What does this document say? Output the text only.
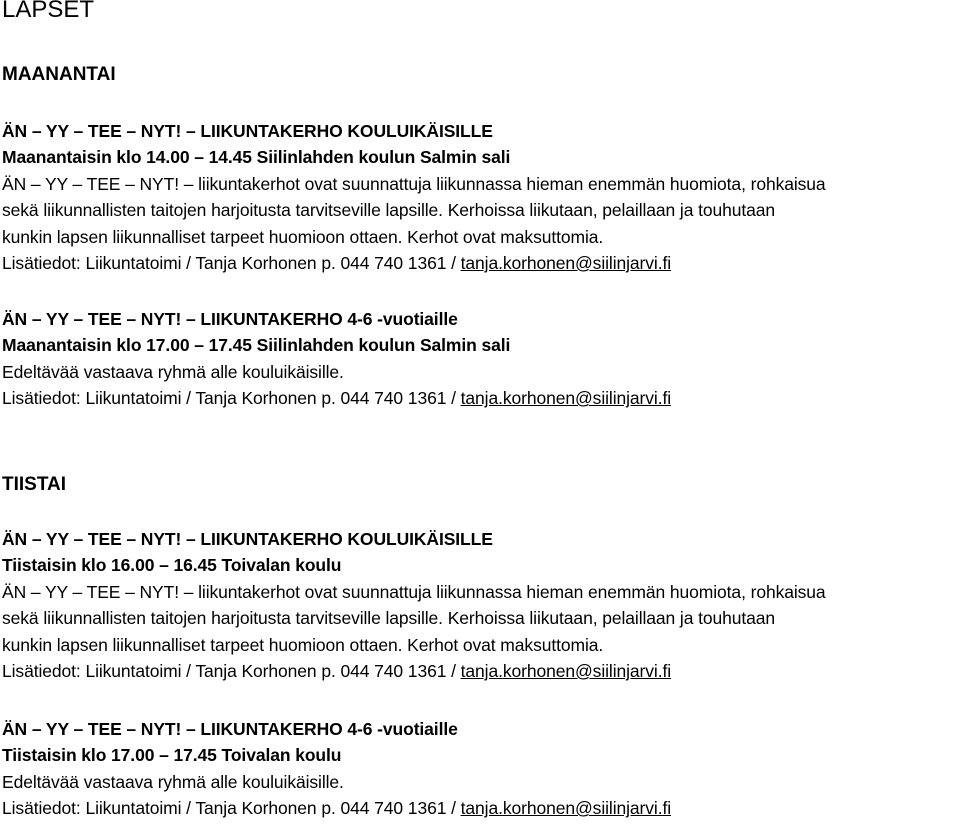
LAPSET
MAANANTAI
ÄN – YY – TEE – NYT! – LIIKUNTAKERHO KOULUIKÄISILLE
Maanantaisin klo 14.00 – 14.45 Siilinlahden koulun Salmin sali
ÄN – YY – TEE – NYT! – liikuntakerhot ovat suunnattuja liikunnassa hieman enemmän huomiota, rohkaisua
sekä liikunnallisten taitojen harjoitusta tarvitseville lapsille. Kerhoissa liikutaan, pelaillaan ja touhutaan
kunkin lapsen liikunnalliset tarpeet huomioon ottaen. Kerhot ovat maksuttomia.
Lisätiedot: Liikuntatoimi / Tanja Korhonen p. 044 740 1361 / tanja.korhonen@siilinjarvi.fi
ÄN – YY – TEE – NYT! – LIIKUNTAKERHO 4-6 -vuotiaille
Maanantaisin klo 17.00 – 17.45 Siilinlahden koulun Salmin sali
Edeltävää vastaava ryhmä alle kouluikäisille.
Lisätiedot: Liikuntatoimi / Tanja Korhonen p. 044 740 1361 / tanja.korhonen@siilinjarvi.fi
TIISTAI
ÄN – YY – TEE – NYT! – LIIKUNTAKERHO KOULUIKÄISILLE
Tiistaisin klo 16.00 – 16.45 Toivalan koulu
ÄN – YY – TEE – NYT! – liikuntakerhot ovat suunnattuja liikunnassa hieman enemmän huomiota, rohkaisua
sekä liikunnallisten taitojen harjoitusta tarvitseville lapsille. Kerhoissa liikutaan, pelaillaan ja touhutaan
kunkin lapsen liikunnalliset tarpeet huomioon ottaen. Kerhot ovat maksuttomia.
Lisätiedot: Liikuntatoimi / Tanja Korhonen p. 044 740 1361 / tanja.korhonen@siilinjarvi.fi
ÄN – YY – TEE – NYT! – LIIKUNTAKERHO 4-6 -vuotiaille
Tiistaisin klo 17.00 – 17.45 Toivalan koulu
Edeltävää vastaava ryhmä alle kouluikäisille.
Lisätiedot: Liikuntatoimi / Tanja Korhonen p. 044 740 1361 / tanja.korhonen@siilinjarvi.fi
